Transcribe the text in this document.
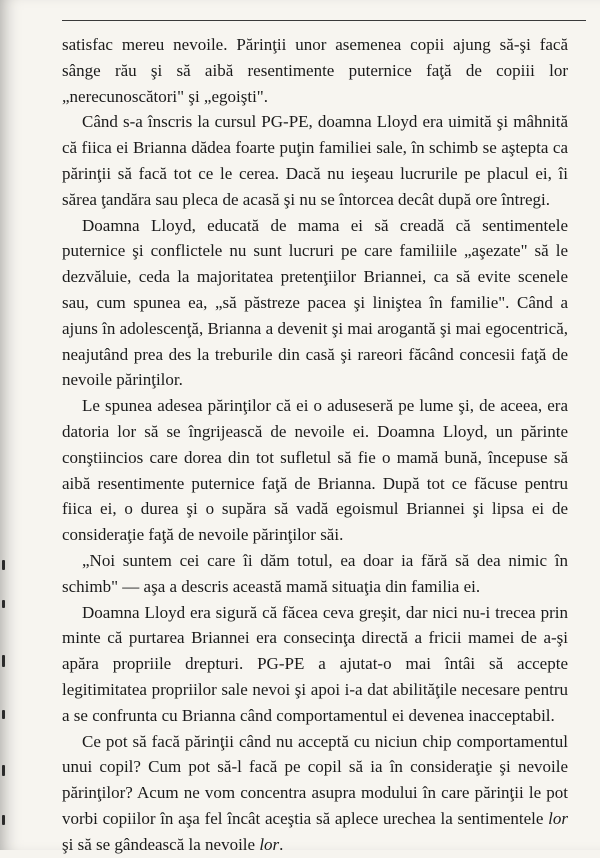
satisfac mereu nevoile. Părinţii unor asemenea copii ajung să-şi facă sânge rău şi să aibă resentimente puternice faţă de copiii lor „nerecunoscători" şi „egoişti".

Când s-a înscris la cursul PG-PE, doamna Lloyd era uimită şi mâhnită că fiica ei Brianna dădea foarte puţin familiei sale, în schimb se aştepta ca părinţii să facă tot ce le cerea. Dacă nu ieşeau lucrurile pe placul ei, îi sărea ţandăra sau pleca de acasă şi nu se întorcea decât după ore întregi.

Doamna Lloyd, educată de mama ei să creadă că sentimentele puternice şi conflictele nu sunt lucruri pe care familiile „aşezate" să le dezvăluie, ceda la majoritatea pretenţiilor Briannei, ca să evite scenele sau, cum spunea ea, „să păstreze pacea şi liniştea în familie". Când a ajuns în adolescenţă, Brianna a devenit şi mai arogantă şi mai egocentrică, neajutând prea des la treburile din casă şi rareori făcând concesii faţă de nevoile părinţilor.

Le spunea adesea părinţilor că ei o aduseseră pe lume şi, de aceea, era datoria lor să se îngrijească de nevoile ei. Doamna Lloyd, un părinte conştiincios care dorea din tot sufletul să fie o mamă bună, începuse să aibă resentimente puternice faţă de Brianna. După tot ce făcuse pentru fiica ei, o durea şi o supăra să vadă egoismul Briannei şi lipsa ei de consideraţie faţă de nevoile părinţilor săi.

„Noi suntem cei care îi dăm totul, ea doar ia fără să dea nimic în schimb" — aşa a descris această mamă situaţia din familia ei.

Doamna Lloyd era sigură că făcea ceva greşit, dar nici nu-i trecea prin minte că purtarea Briannei era consecinţa directă a fricii mamei de a-şi apăra propriile drepturi. PG-PE a ajutat-o mai întâi să accepte legitimitatea propriilor sale nevoi şi apoi i-a dat abilităţile necesare pentru a se confrunta cu Brianna când comportamentul ei devenea inacceptabil.

Ce pot să facă părinţii când nu acceptă cu niciun chip comportamentul unui copil? Cum pot să-l facă pe copil să ia în consideraţie şi nevoile părinţilor? Acum ne vom concentra asupra modului în care părinţii le pot vorbi copiilor în aşa fel încât aceştia să aplece urechea la sentimentele lor şi să se gândească la nevoile lor.
